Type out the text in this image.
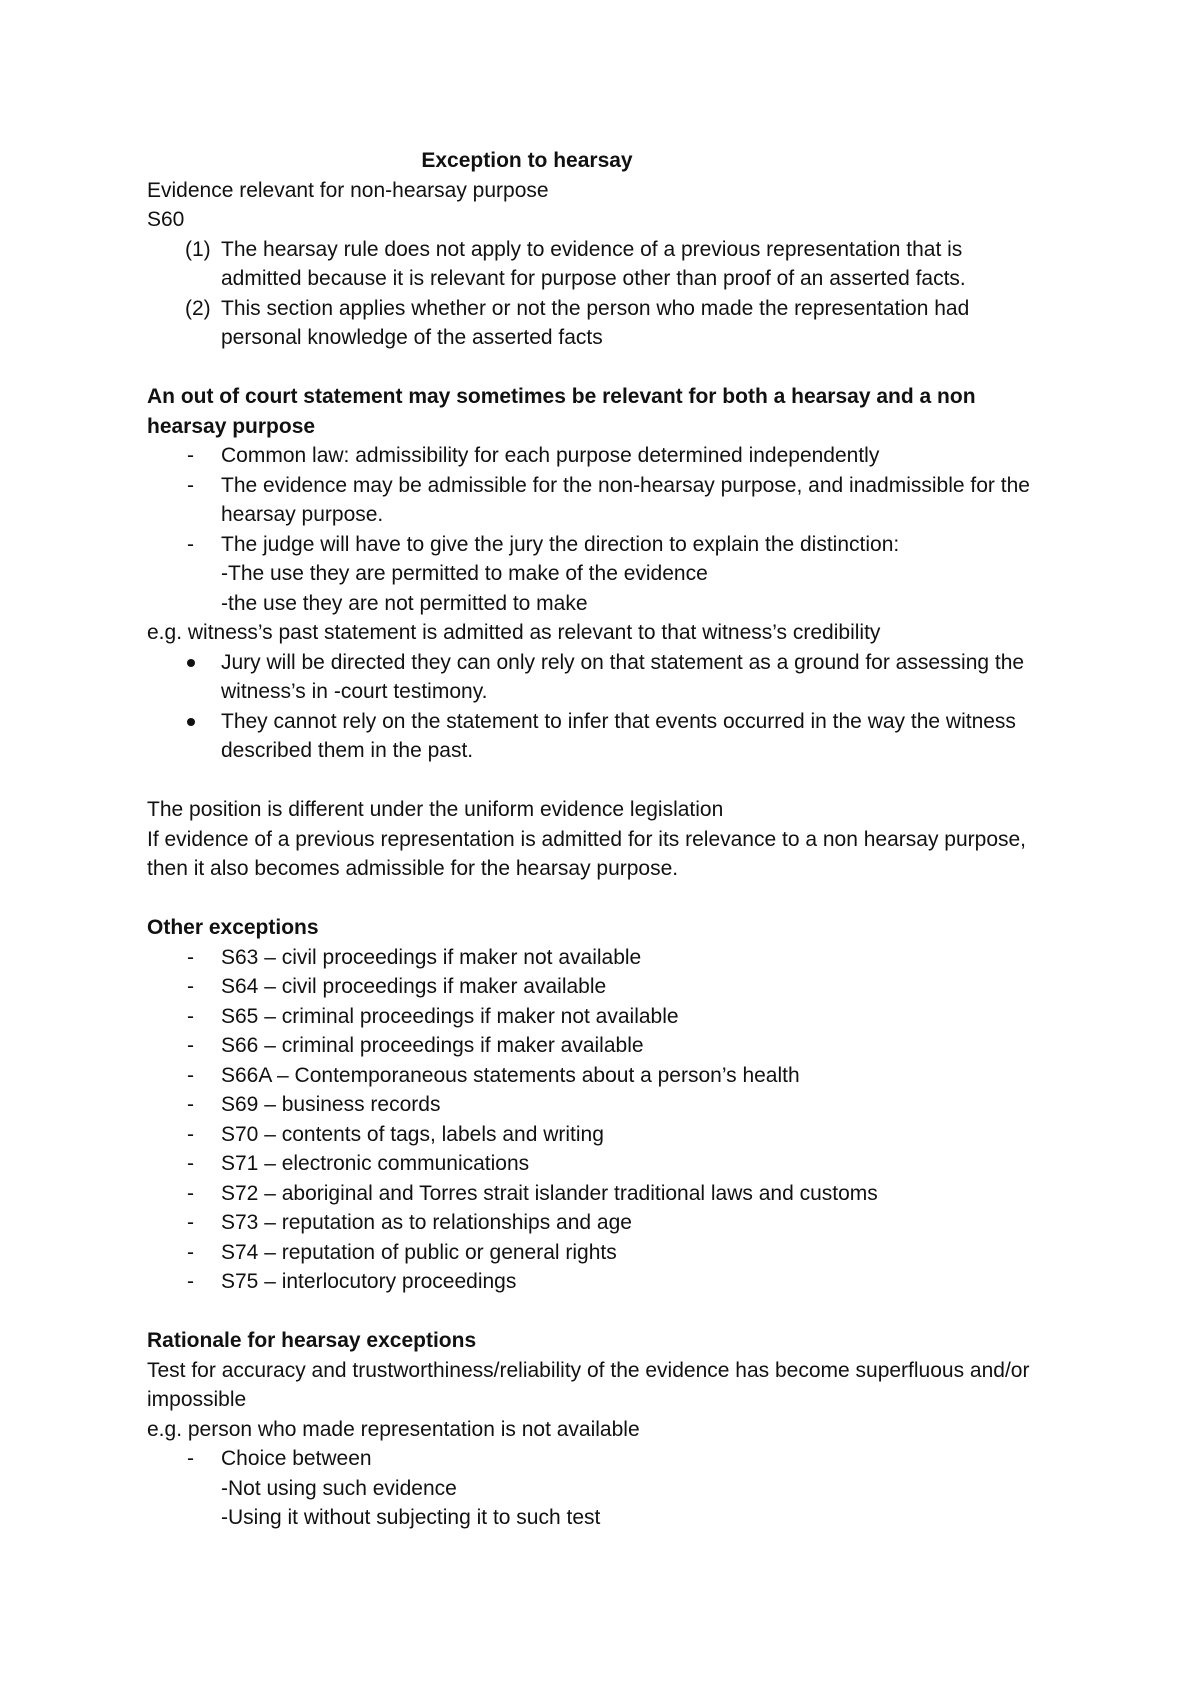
Exception to hearsay
Evidence relevant for non-hearsay purpose
S60
(1) The hearsay rule does not apply to evidence of a previous representation that is admitted because it is relevant for purpose other than proof of an asserted facts.
(2) This section applies whether or not the person who made the representation had personal knowledge of the asserted facts
An out of court statement may sometimes be relevant for both a hearsay and a non hearsay purpose
- Common law: admissibility for each purpose determined independently
- The evidence may be admissible for the non-hearsay purpose, and inadmissible for the hearsay purpose.
- The judge will have to give the jury the direction to explain the distinction:
-The use they are permitted to make of the evidence
-the use they are not permitted to make
e.g. witness’s past statement is admitted as relevant to that witness’s credibility
Jury will be directed they can only rely on that statement as a ground for assessing the witness’s in -court testimony.
They cannot rely on the statement to infer that events occurred in the way the witness described them in the past.
The position is different under the uniform evidence legislation
If evidence of a previous representation is admitted for its relevance to a non hearsay purpose, then it also becomes admissible for the hearsay purpose.
Other exceptions
- S63 – civil proceedings if maker not available
- S64 – civil proceedings if maker available
- S65 – criminal proceedings if maker not available
- S66 – criminal proceedings if maker available
- S66A – Contemporaneous statements about a person’s health
- S69 – business records
- S70 – contents of tags, labels and writing
- S71 – electronic communications
- S72 – aboriginal and Torres strait islander traditional laws and customs
- S73 – reputation as to relationships and age
- S74 – reputation of public or general rights
- S75 – interlocutory proceedings
Rationale for hearsay exceptions
Test for accuracy and trustworthiness/reliability of the evidence has become superfluous and/or impossible
e.g. person who made representation is not available
- Choice between
-Not using such evidence
-Using it without subjecting it to such test
